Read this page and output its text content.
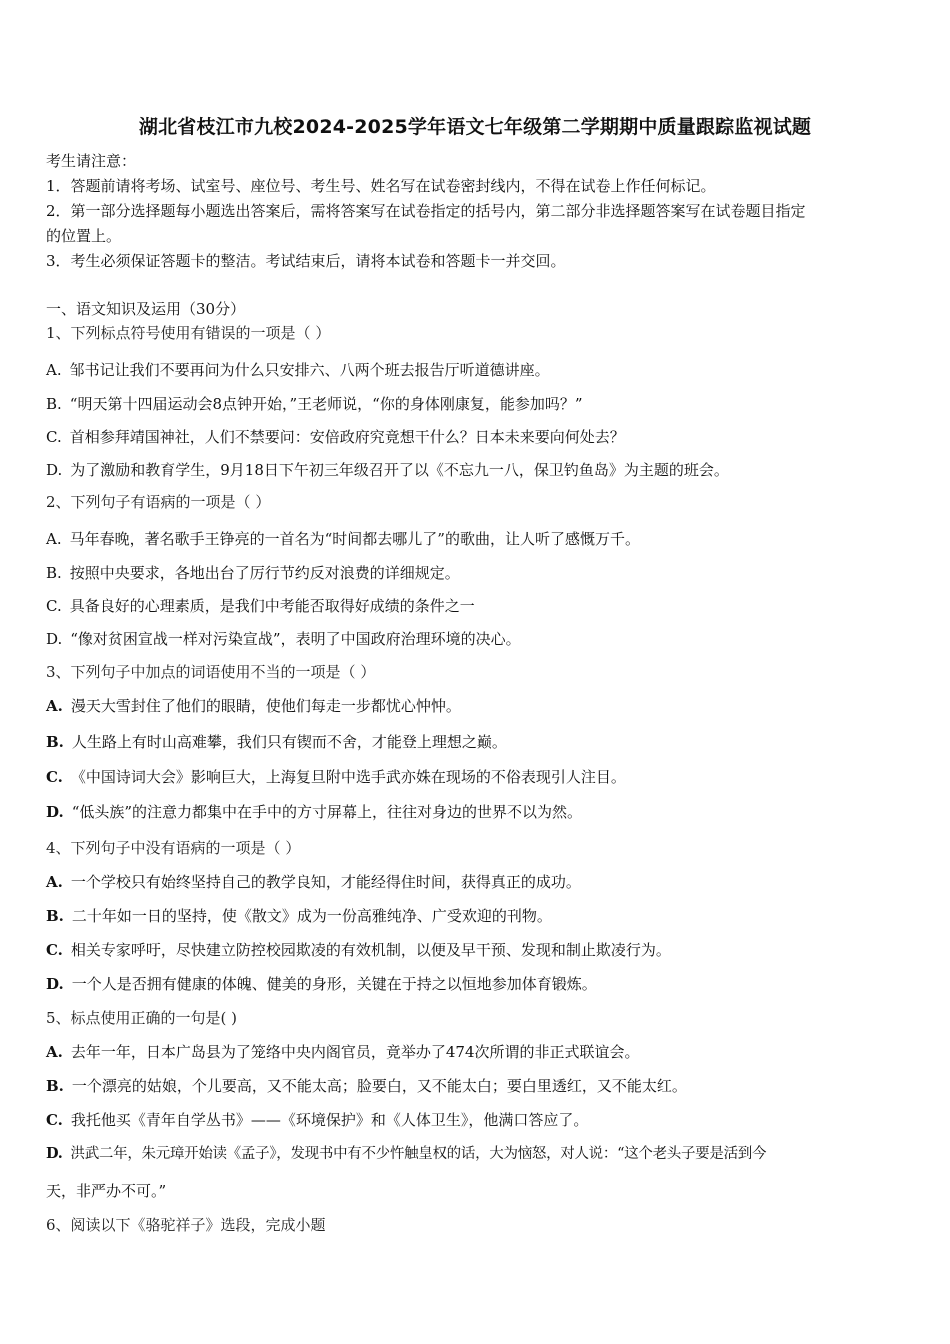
湖北省枝江市九校2024-2025学年语文七年级第二学期期中质量跟踪监视试题
考生请注意：
1．答题前请将考场、试室号、座位号、考生号、姓名写在试卷密封线内，不得在试卷上作任何标记。
2．第一部分选择题每小题选出答案后，需将答案写在试卷指定的括号内，第二部分非选择题答案写在试卷题目指定
的位置上。
3．考生必须保证答题卡的整洁。考试结束后，请将本试卷和答题卡一并交回。
一、语文知识及运用（30分）
1、下列标点符号使用有错误的一项是（ ）
A. 邹书记让我们不要再问为什么只安排六、八两个班去报告厅听道德讲座。
B. “明天第十四届运动会8点钟开始，”王老师说，“你的身体刚康复，能参加吗？”
C. 首相参拜靖国神社，人们不禁要问：安倍政府究竟想干什么？日本未来要向何处去？
D. 为了激励和教育学生，9月18日下午初三年级召开了以《不忘九一八，保卫钓鱼岛》为主题的班会。
2、下列句子有语病的一项是（ ）
A. 马年春晚，著名歌手王铮亮的一首名为“时间都去哪儿了”的歌曲，让人听了感慨万千。
B. 按照中央要求，各地出台了厉行节约反对浪费的详细规定。
C. 具备良好的心理素质，是我们中考能否取得好成绩的条件之一
D. “像对贫困宣战一样对污染宣战”，表明了中国政府治理环境的决心。
3、下列句子中加点的词语使用不当的一项是（ ）
A. 漫天大雪封住了他们的眼睛，使他们每走一步都忧心忡忡。
B. 人生路上有时山高难攀，我们只有锲而不舍，才能登上理想之巅。
C. 《中国诗词大会》影响巨大，上海复旦附中选手武亦姝在现场的不俗表现引人注目。
D. “低头族”的注意力都集中在手中的方寸屏幕上，往往对身边的世界不以为然。
4、下列句子中没有语病的一项是（ ）
A. 一个学校只有始终坚持自己的教学良知，才能经得住时间，获得真正的成功。
B. 二十年如一日的坚持，使《散文》成为一份高雅纯净、广受欢迎的刊物。
C. 相关专家呼吁，尽快建立防控校园欺凌的有效机制，以便及早干预、发现和制止欺凌行为。
D. 一个人是否拥有健康的体魄、健美的身形，关键在于持之以恒地参加体育锻炼。
5、标点使用正确的一句是( )
A. 去年一年，日本广岛县为了笼络中央内阁官员，竟举办了474次所谓的非正式联谊会。
B. 一个漂亮的姑娘，个儿要高，又不能太高；脸要白，又不能太白；要白里透红，又不能太红。
C. 我托他买《青年自学丛书》——《环境保护》和《人体卫生》，他满口答应了。
D. 洪武二年，朱元璋开始读《孟子》，发现书中有不少忤触皇权的话，大为恼怒，对人说：“这个老头子要是活到今
天，非严办不可。”
6、阅读以下《骆驼祥子》选段，完成小题
